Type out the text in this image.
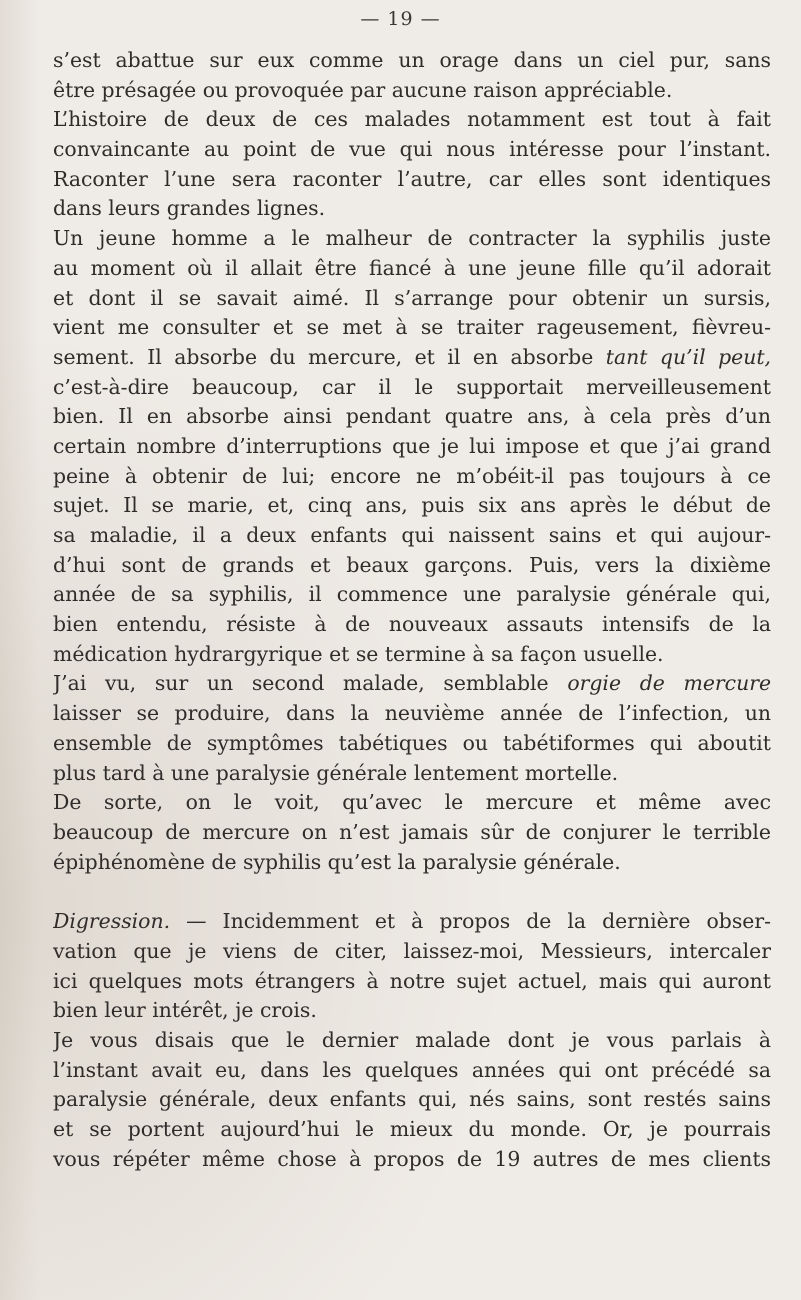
— 19 —
s’est abattue sur eux comme un orage dans un ciel pur, sans
être présagée ou provoquée par aucune raison appréciable.
L’histoire de deux de ces malades notamment est tout à fait
convaincante au point de vue qui nous intéresse pour l’instant.
Raconter l’une sera raconter l’autre, car elles sont identiques
dans leurs grandes lignes.
Un jeune homme a le malheur de contracter la syphilis juste
au moment où il allait être fiancé à une jeune fille qu’il adorait
et dont il se savait aimé. Il s’arrange pour obtenir un sursis,
vient me consulter et se met à se traiter rageusement, fièvreu-
sement. Il absorbe du mercure, et il en absorbe tant qu’il peut,
c’est-à-dire beaucoup, car il le supportait merveilleusement
bien. Il en absorbe ainsi pendant quatre ans, à cela près d’un
certain nombre d’interruptions que je lui impose et que j’ai grand
peine à obtenir de lui; encore ne m’obéit-il pas toujours à ce
sujet. Il se marie, et, cinq ans, puis six ans après le début de
sa maladie, il a deux enfants qui naissent sains et qui aujour-
d’hui sont de grands et beaux garçons. Puis, vers la dixième
année de sa syphilis, il commence une paralysie générale qui,
bien entendu, résiste à de nouveaux assauts intensifs de la
médication hydrargyrique et se termine à sa façon usuelle.
J’ai vu, sur un second malade, semblable orgie de mercure
laisser se produire, dans la neuvième année de l’infection, un
ensemble de symptômes tabétiques ou tabétiformes qui aboutit
plus tard à une paralysie générale lentement mortelle.
De sorte, on le voit, qu’avec le mercure et même avec
beaucoup de mercure on n’est jamais sûr de conjurer le terrible
épiphénomène de syphilis qu’est la paralysie générale.
Digression. — Incidemment et à propos de la dernière obser-
vation que je viens de citer, laissez-moi, Messieurs, intercaler
ici quelques mots étrangers à notre sujet actuel, mais qui auront
bien leur intérêt, je crois.
Je vous disais que le dernier malade dont je vous parlais à
l’instant avait eu, dans les quelques années qui ont précédé sa
paralysie générale, deux enfants qui, nés sains, sont restés sains
et se portent aujourd’hui le mieux du monde. Or, je pourrais
vous répéter même chose à propos de 19 autres de mes clients
